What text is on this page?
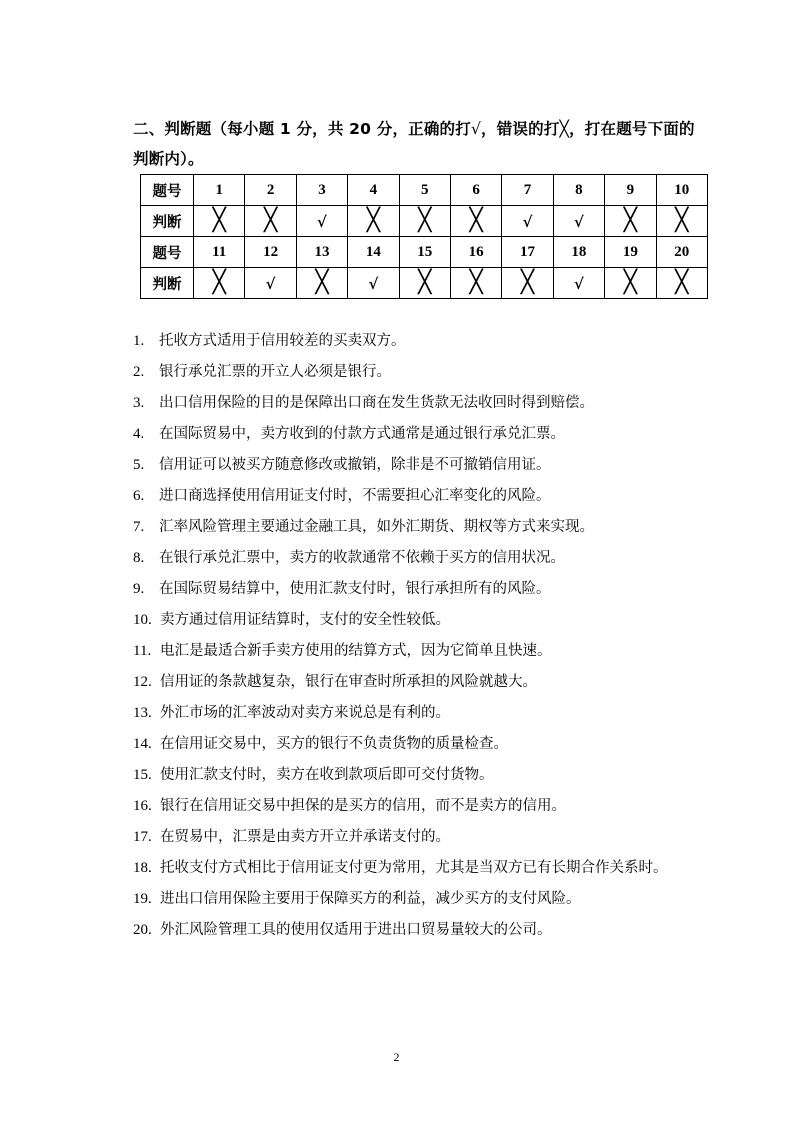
二、判断题（每小题 1 分，共 20 分，正确的打√，错误的打╳，打在题号下面的
判断内）。
题号	1	2	3	4	5	6	7	8	9	10
判断	╳	╳	√	╳	╳	╳	√	√	╳	╳
题号	11	12	13	14	15	16	17	18	19	20
判断	╳	√	╳	√	╳	╳	╳	√	╳	╳
1. 托收方式适用于信用较差的买卖双方。
2. 银行承兑汇票的开立人必须是银行。
3. 出口信用保险的目的是保障出口商在发生货款无法收回时得到赔偿。
4. 在国际贸易中，卖方收到的付款方式通常是通过银行承兑汇票。
5. 信用证可以被买方随意修改或撤销，除非是不可撤销信用证。
6. 进口商选择使用信用证支付时，不需要担心汇率变化的风险。
7. 汇率风险管理主要通过金融工具，如外汇期货、期权等方式来实现。
8. 在银行承兑汇票中，卖方的收款通常不依赖于买方的信用状况。
9. 在国际贸易结算中，使用汇款支付时，银行承担所有的风险。
10. 卖方通过信用证结算时，支付的安全性较低。
11. 电汇是最适合新手卖方使用的结算方式，因为它简单且快速。
12. 信用证的条款越复杂，银行在审查时所承担的风险就越大。
13. 外汇市场的汇率波动对卖方来说总是有利的。
14. 在信用证交易中，买方的银行不负责货物的质量检查。
15. 使用汇款支付时，卖方在收到款项后即可交付货物。
16. 银行在信用证交易中担保的是买方的信用，而不是卖方的信用。
17. 在贸易中，汇票是由卖方开立并承诺支付的。
18. 托收支付方式相比于信用证支付更为常用，尤其是当双方已有长期合作关系时。
19. 进出口信用保险主要用于保障买方的利益，减少买方的支付风险。
20. 外汇风险管理工具的使用仅适用于进出口贸易量较大的公司。
2
